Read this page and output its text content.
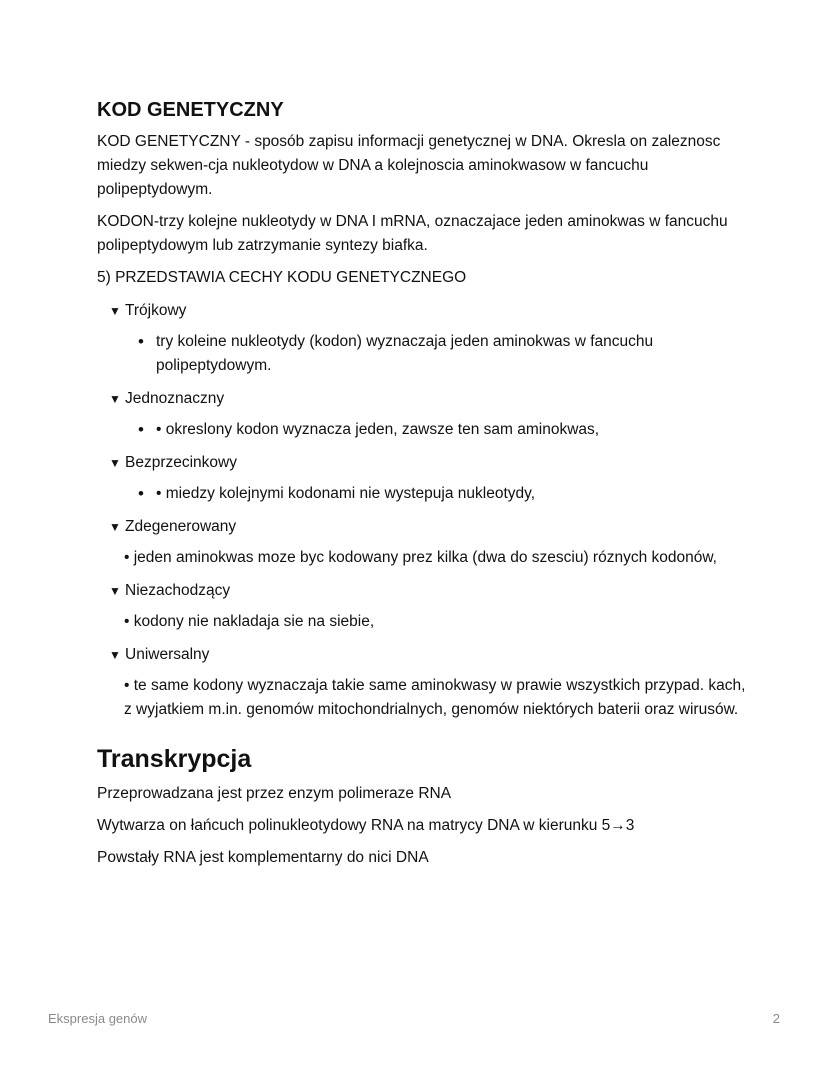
KOD GENETYCZNY

KOD GENETYCZNY - sposób zapisu informacji genetycznej w DNA. Okresla on zaleznosc miedzy sekwen-cja nukleotydow w DNA a kolejnoscia aminokwasow w fancuchu polipeptydowym.

KODON-trzy kolejne nukleotydy w DNA I mRNA, oznaczajace jeden aminokwas w fancuchu polipeptydowym lub zatrzymanie syntezy biafka.

5) PRZEDSTAWIA CECHY KODU GENETYCZNEGO

▼ Trójkowy
• try koleine nukleotydy (kodon) wyznaczaja jeden aminokwas w fancuchu polipeptydowym.
▼ Jednoznaczny
• • okreslony kodon wyznacza jeden, zawsze ten sam aminokwas,
▼ Bezprzecinkowy
• • miedzy kolejnymi kodonami nie wystepuja nukleotydy,
▼ Zdegenerowany

• jeden aminokwas moze byc kodowany prez kilka (dwa do szesciu) róznych kodonów,

▼ Niezachodzący

• kodony nie nakladaja sie na siebie,

▼ Uniwersalny

• te same kodony wyznaczaja takie same aminokwasy w prawie wszystkich przypad. kach, z wyjatkiem m.in. genomów mitochondrialnych, genomów niektórych baterii oraz wirusów.

Transkrypcja

Przeprowadzana jest przez enzym polimeraze RNA

Wytwarza on łańcuch polinukleotydowy RNA na matrycy DNA w kierunku 5→3

Powstały RNA jest komplementarny do nici DNA

Ekspresja genów	2
